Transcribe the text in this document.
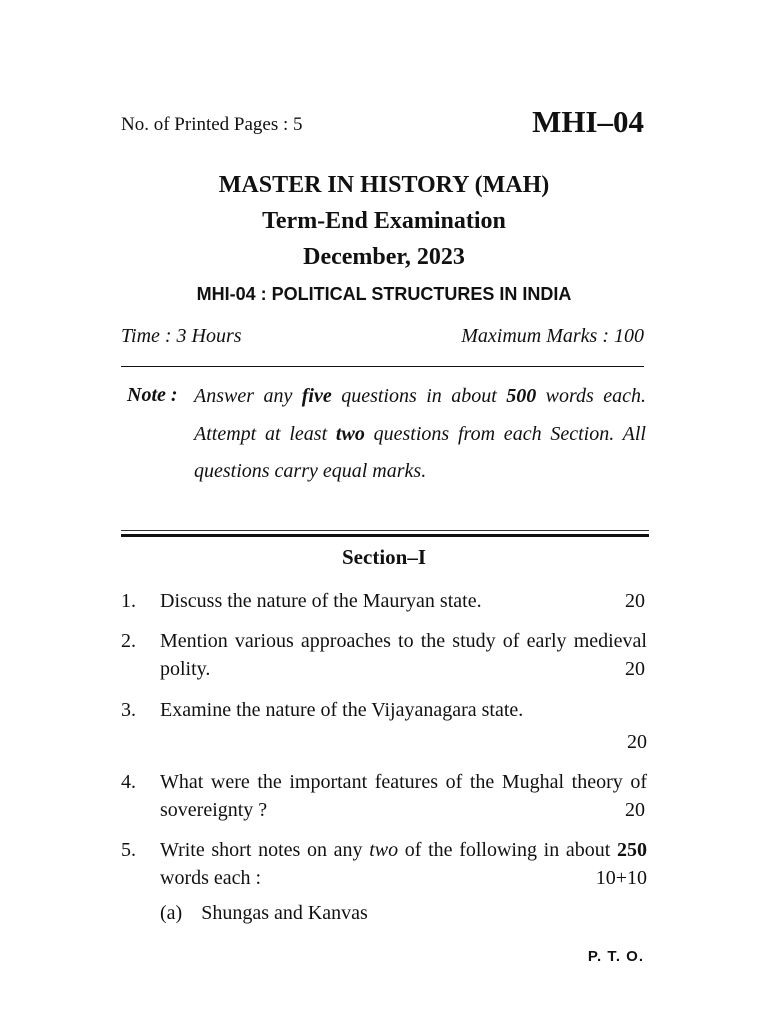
No. of Printed Pages : 5	MHI–04
MASTER IN HISTORY (MAH)
Term-End Examination
December, 2023
MHI-04 : POLITICAL STRUCTURES IN INDIA
Time : 3 Hours	Maximum Marks : 100
Note : Answer any five questions in about 500 words each. Attempt at least two questions from each Section. All questions carry equal marks.

Section–I
1. Discuss the nature of the Mauryan state.	20
2. Mention various approaches to the study of early medieval polity.	20
3. Examine the nature of the Vijayanagara state.
20
4. What were the important features of the Mughal theory of sovereignty ?	20
5. Write short notes on any two of the following in about 250 words each :	10+10
(a) Shungas and Kanvas
P. T. O.
